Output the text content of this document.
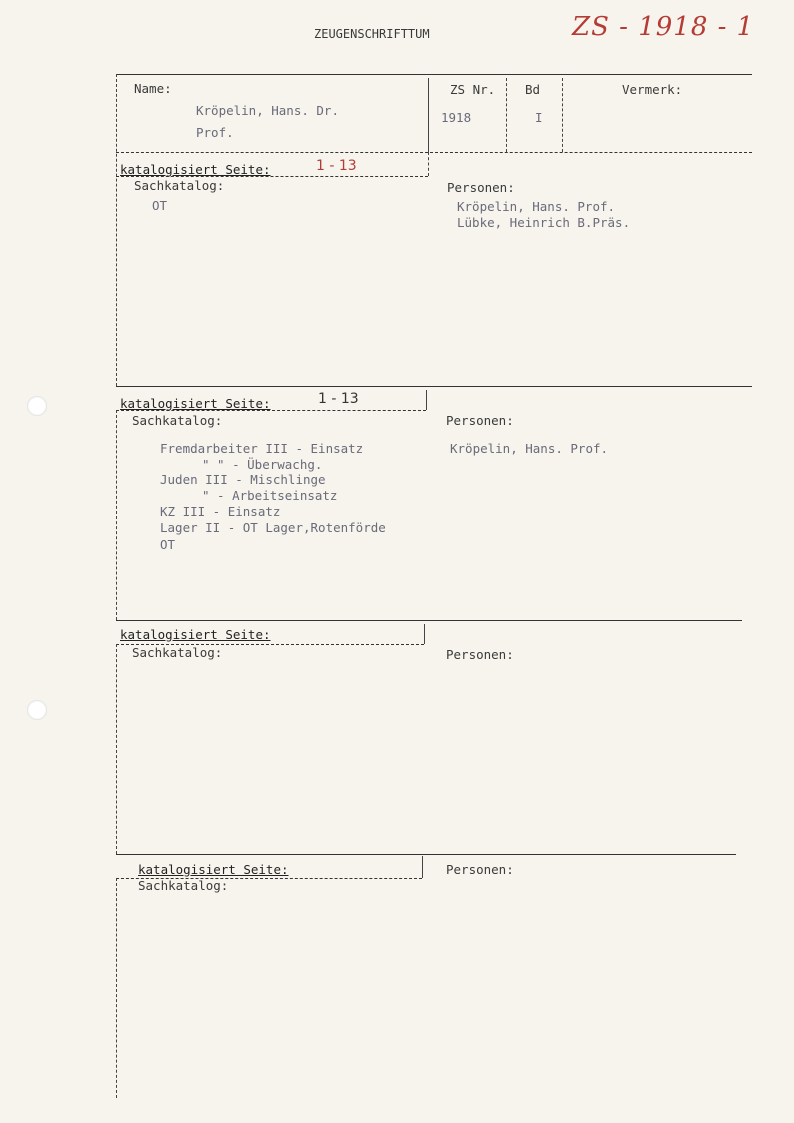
ZEUGENSCHRIFTTUM	ZS - 1918 - 1
Name:
Kröpelin, Hans. Dr.
Prof.
ZS Nr.
1918
Bd
I
Vermerk:
katalogisiert Seite:	1 - 13
Sachkatalog:
OT
Personen:
Kröpelin, Hans. Prof.
Lübke, Heinrich B.Präs.
katalogisiert Seite:	1 - 13
Sachkatalog:
Fremdarbeiter III - Einsatz
" " - Überwachg.
Juden III - Mischlinge
" - Arbeitseinsatz
KZ III - Einsatz
Lager II - OT Lager,Rotenförde
OT
Personen:
Kröpelin, Hans. Prof.
katalogisiert Seite:
Sachkatalog:	Personen:
katalogisiert Seite:
Sachkatalog:
Personen:
